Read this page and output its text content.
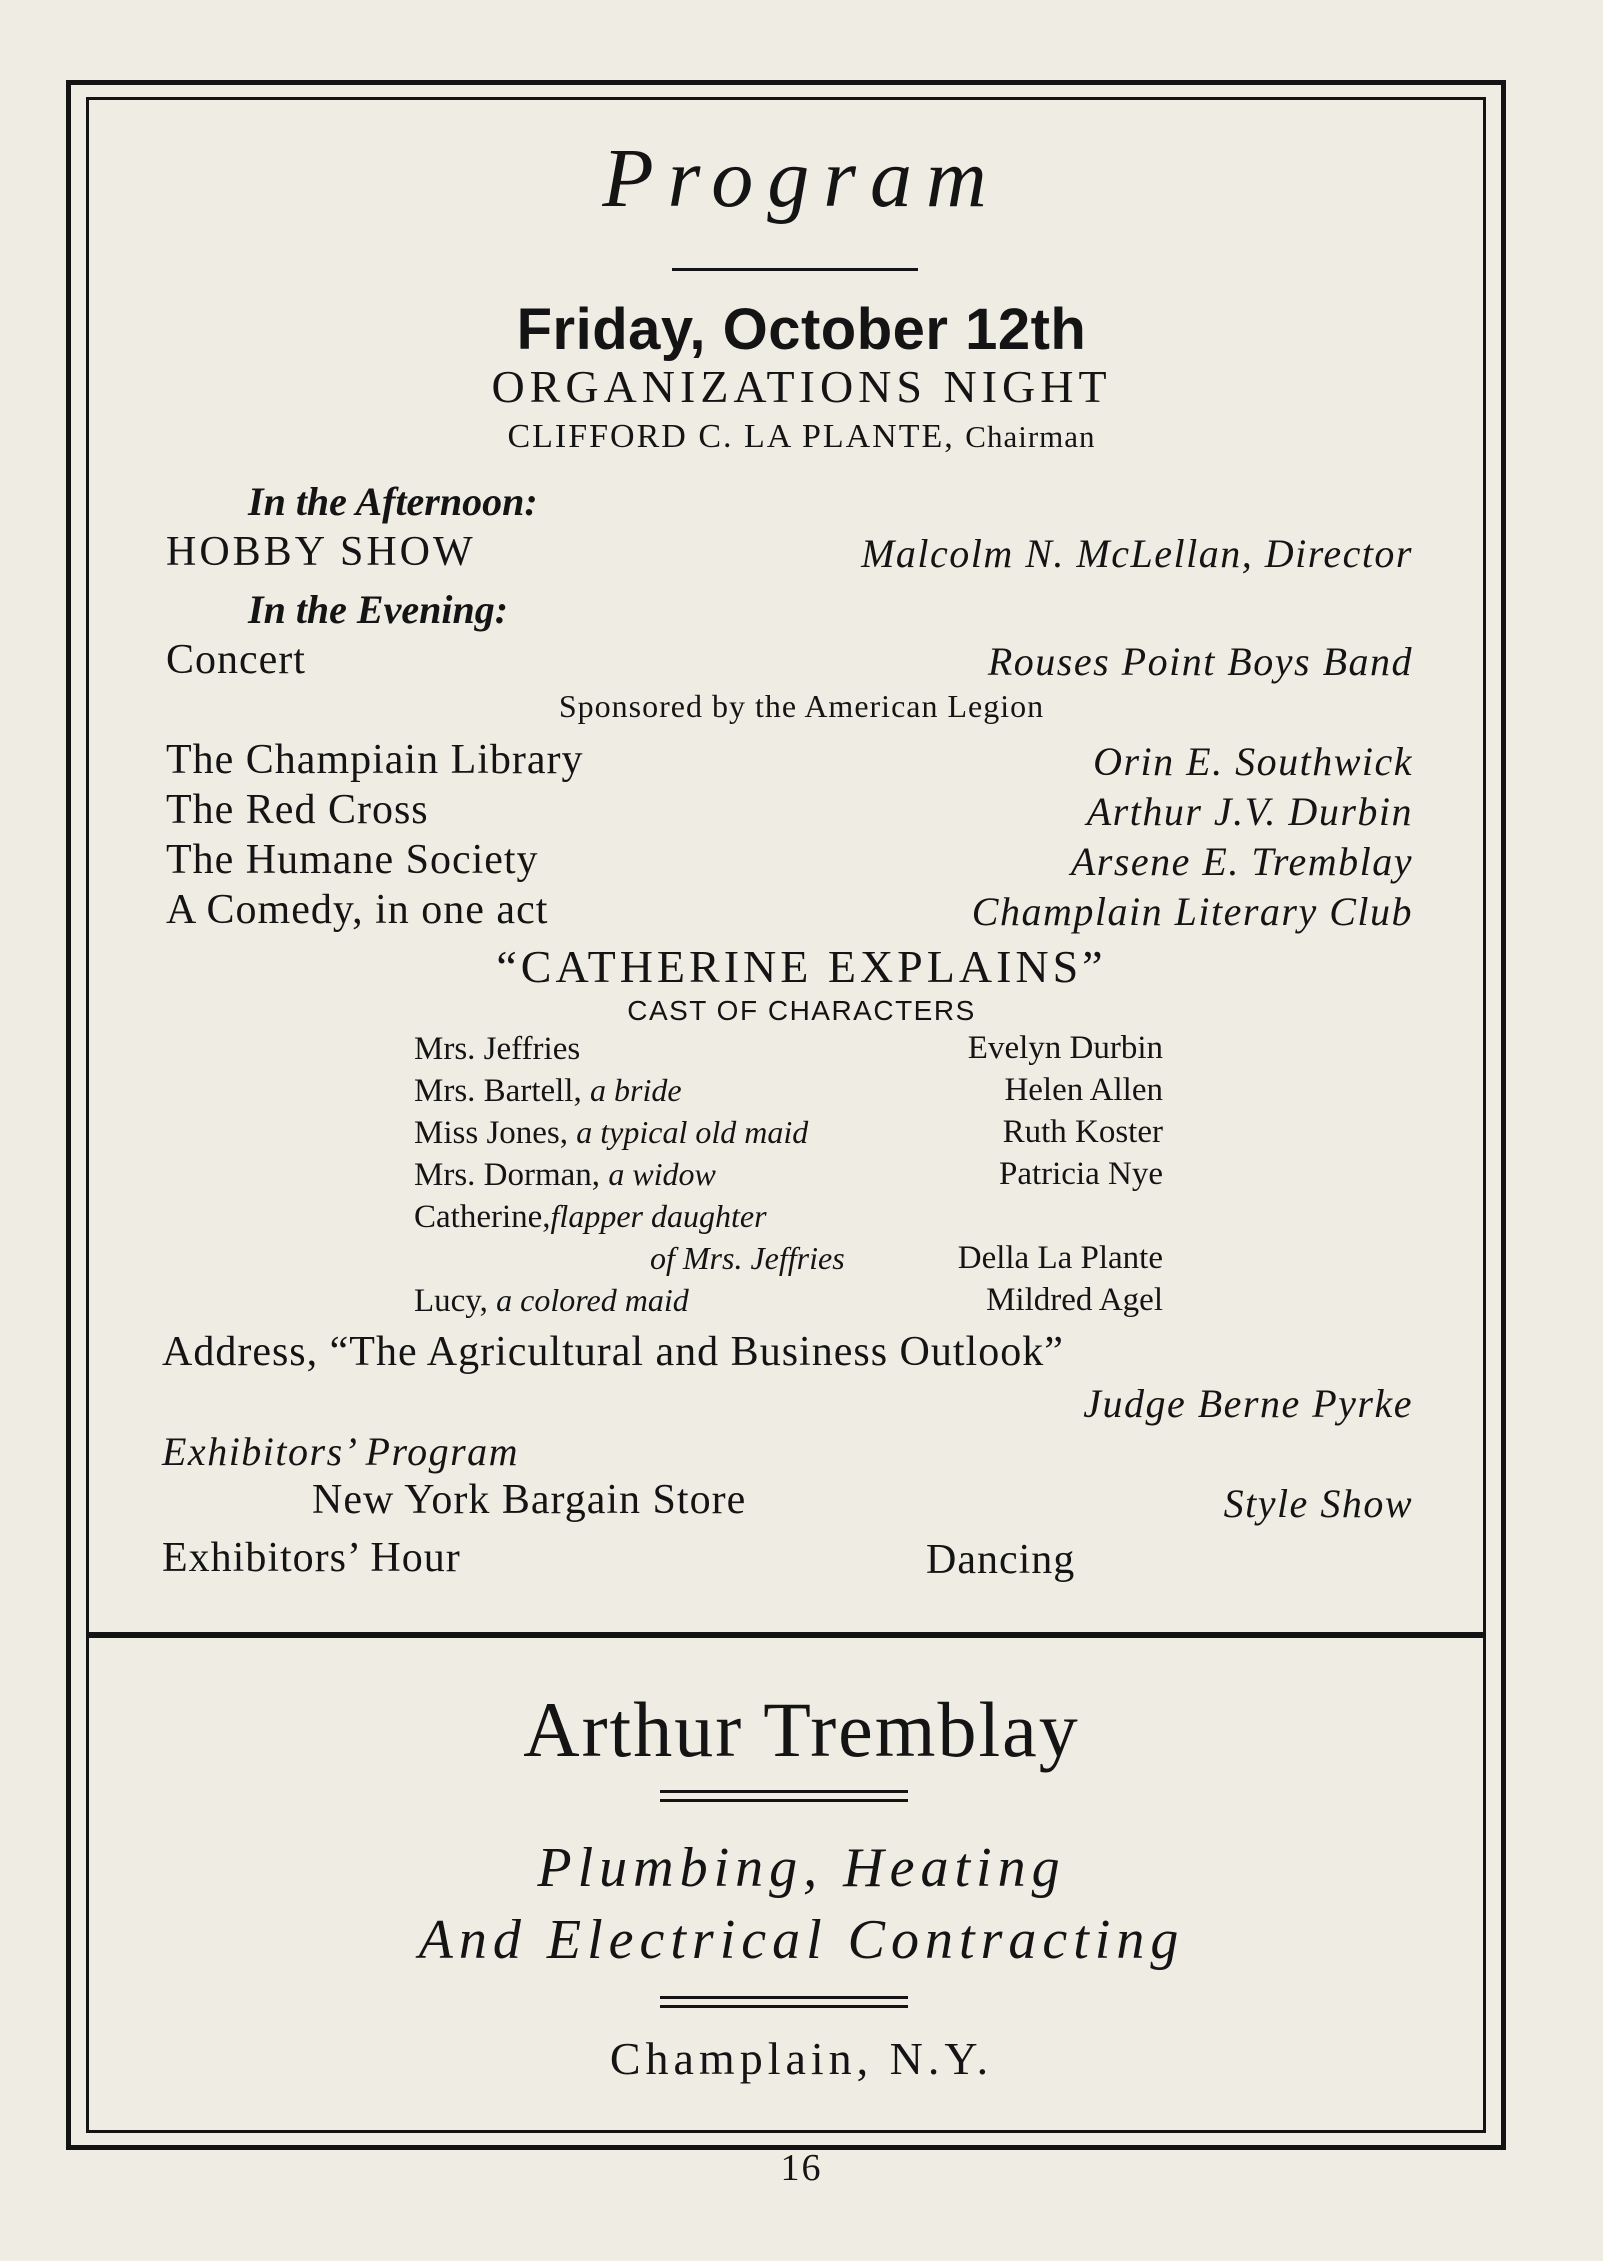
Program
Friday, October 12th
ORGANIZATIONS NIGHT
CLIFFORD C. LA PLANTE, Chairman
In the Afternoon:
HOBBY SHOW	Malcolm N. McLellan, Director
In the Evening:
Concert	Rouses Point Boys Band
Sponsored by the American Legion
The Champiain Library	Orin E. Southwick
The Red Cross	Arthur J.V. Durbin
The Humane Society	Arsene E. Tremblay
A Comedy, in one act	Champlain Literary Club
“CATHERINE EXPLAINS”
CAST OF CHARACTERS
Mrs. Jeffries	Evelyn Durbin
Mrs. Bartell, a bride	Helen Allen
Miss Jones, a typical old maid	Ruth Koster
Mrs. Dorman, a widow	Patricia Nye
Catherine,flapper daughter
of Mrs. Jeffries	Della La Plante
Lucy, a colored maid	Mildred Agel
Address, “The Agricultural and Business Outlook”
Judge Berne Pyrke
Exhibitors’ Program
New York Bargain Store	Style Show
Exhibitors’ Hour	Dancing
Arthur Tremblay
Plumbing, Heating
And Electrical Contracting
Champlain, N.Y.
16
